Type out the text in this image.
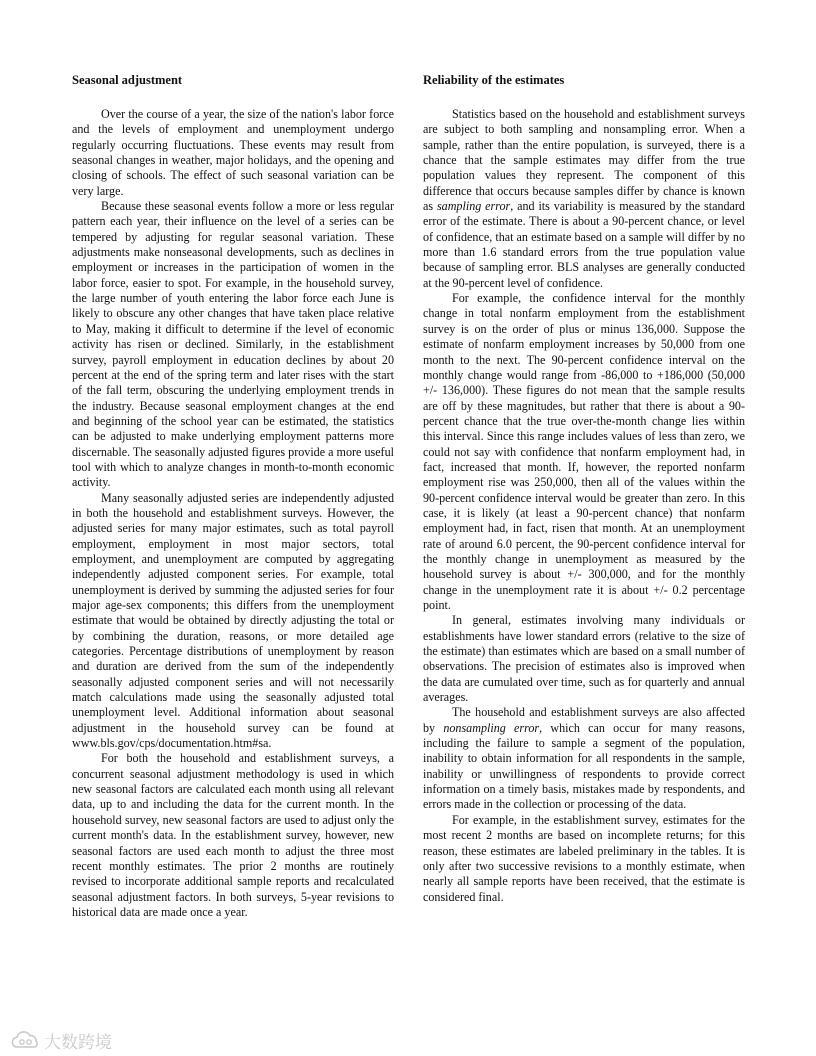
Seasonal adjustment

Over the course of a year, the size of the nation's labor force and the levels of employment and unemployment undergo regularly occurring fluctuations. These events may result from seasonal changes in weather, major holidays, and the opening and closing of schools. The effect of such seasonal variation can be very large.

Because these seasonal events follow a more or less regular pattern each year, their influence on the level of a series can be tempered by adjusting for regular seasonal variation. These adjustments make nonseasonal developments, such as declines in employment or increases in the participation of women in the labor force, easier to spot. For example, in the household survey, the large number of youth entering the labor force each June is likely to obscure any other changes that have taken place relative to May, making it difficult to determine if the level of economic activity has risen or declined. Similarly, in the establishment survey, payroll employment in education declines by about 20 percent at the end of the spring term and later rises with the start of the fall term, obscuring the underlying employment trends in the industry. Because seasonal employment changes at the end and beginning of the school year can be estimated, the statistics can be adjusted to make underlying employment patterns more discernable. The seasonally adjusted figures provide a more useful tool with which to analyze changes in month-to-month economic activity.

Many seasonally adjusted series are independently adjusted in both the household and establishment surveys. However, the adjusted series for many major estimates, such as total payroll employment, employment in most major sectors, total employment, and unemployment are computed by aggregating independently adjusted component series. For example, total unemployment is derived by summing the adjusted series for four major age-sex components; this differs from the unemployment estimate that would be obtained by directly adjusting the total or by combining the duration, reasons, or more detailed age categories. Percentage distributions of unemployment by reason and duration are derived from the sum of the independently seasonally adjusted component series and will not necessarily match calculations made using the seasonally adjusted total unemployment level. Additional information about seasonal adjustment in the household survey can be found at www.bls.gov/cps/documentation.htm#sa.

For both the household and establishment surveys, a concurrent seasonal adjustment methodology is used in which new seasonal factors are calculated each month using all relevant data, up to and including the data for the current month. In the household survey, new seasonal factors are used to adjust only the current month's data. In the establishment survey, however, new seasonal factors are used each month to adjust the three most recent monthly estimates. The prior 2 months are routinely revised to incorporate additional sample reports and recalculated seasonal adjustment factors. In both surveys, 5-year revisions to historical data are made once a year.

Reliability of the estimates

Statistics based on the household and establishment surveys are subject to both sampling and nonsampling error. When a sample, rather than the entire population, is surveyed, there is a chance that the sample estimates may differ from the true population values they represent. The component of this difference that occurs because samples differ by chance is known as sampling error, and its variability is measured by the standard error of the estimate. There is about a 90-percent chance, or level of confidence, that an estimate based on a sample will differ by no more than 1.6 standard errors from the true population value because of sampling error. BLS analyses are generally conducted at the 90-percent level of confidence.

For example, the confidence interval for the monthly change in total nonfarm employment from the establishment survey is on the order of plus or minus 136,000. Suppose the estimate of nonfarm employment increases by 50,000 from one month to the next. The 90-percent confidence interval on the monthly change would range from -86,000 to +186,000 (50,000 +/- 136,000). These figures do not mean that the sample results are off by these magnitudes, but rather that there is about a 90-percent chance that the true over-the-month change lies within this interval. Since this range includes values of less than zero, we could not say with confidence that nonfarm employment had, in fact, increased that month. If, however, the reported nonfarm employment rise was 250,000, then all of the values within the 90-percent confidence interval would be greater than zero. In this case, it is likely (at least a 90-percent chance) that nonfarm employment had, in fact, risen that month. At an unemployment rate of around 6.0 percent, the 90-percent confidence interval for the monthly change in unemployment as measured by the household survey is about +/- 300,000, and for the monthly change in the unemployment rate it is about +/- 0.2 percentage point.

In general, estimates involving many individuals or establishments have lower standard errors (relative to the size of the estimate) than estimates which are based on a small number of observations. The precision of estimates also is improved when the data are cumulated over time, such as for quarterly and annual averages.

The household and establishment surveys are also affected by nonsampling error, which can occur for many reasons, including the failure to sample a segment of the population, inability to obtain information for all respondents in the sample, inability or unwillingness of respondents to provide correct information on a timely basis, mistakes made by respondents, and errors made in the collection or processing of the data.

For example, in the establishment survey, estimates for the most recent 2 months are based on incomplete returns; for this reason, these estimates are labeled preliminary in the tables. It is only after two successive revisions to a monthly estimate, when nearly all sample reports have been received, that the estimate is considered final.

大数跨境
